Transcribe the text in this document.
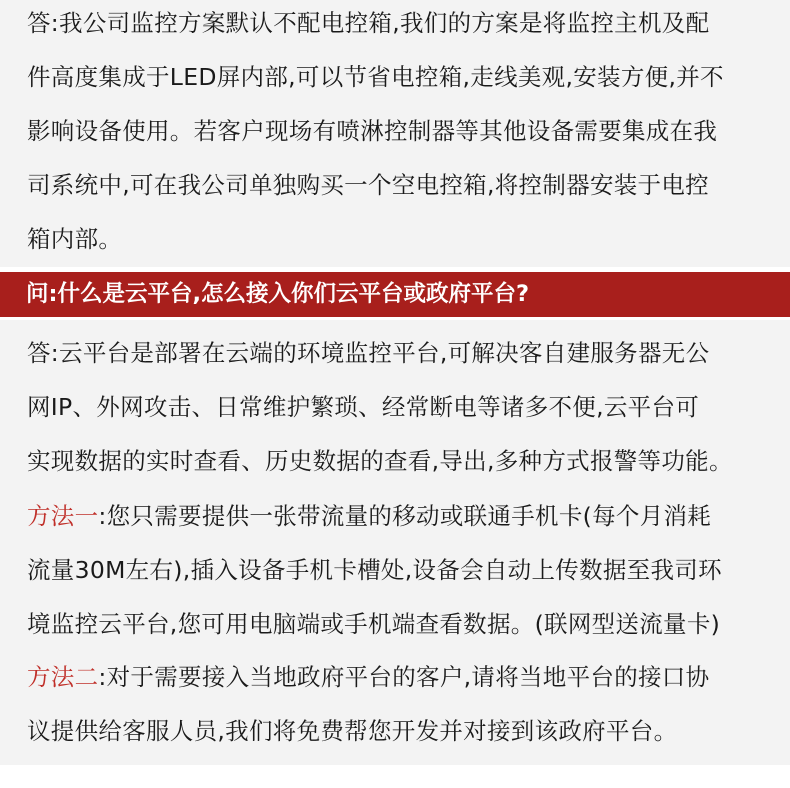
答:我公司监控方案默认不配电控箱,我们的方案是将监控主机及配
件高度集成于LED屏内部,可以节省电控箱,走线美观,安装方便,并不
影响设备使用。若客户现场有喷淋控制器等其他设备需要集成在我
司系统中,可在我公司单独购买一个空电控箱,将控制器安装于电控
箱内部。

问:什么是云平台,怎么接入你们云平台或政府平台?

答:云平台是部署在云端的环境监控平台,可解决客自建服务器无公
网IP、外网攻击、日常维护繁琐、经常断电等诸多不便,云平台可
实现数据的实时查看、历史数据的查看,导出,多种方式报警等功能。

方法一:您只需要提供一张带流量的移动或联通手机卡(每个月消耗
流量30M左右),插入设备手机卡槽处,设备会自动上传数据至我司环
境监控云平台,您可用电脑端或手机端查看数据。(联网型送流量卡)

方法二:对于需要接入当地政府平台的客户,请将当地平台的接口协
议提供给客服人员,我们将免费帮您开发并对接到该政府平台。
